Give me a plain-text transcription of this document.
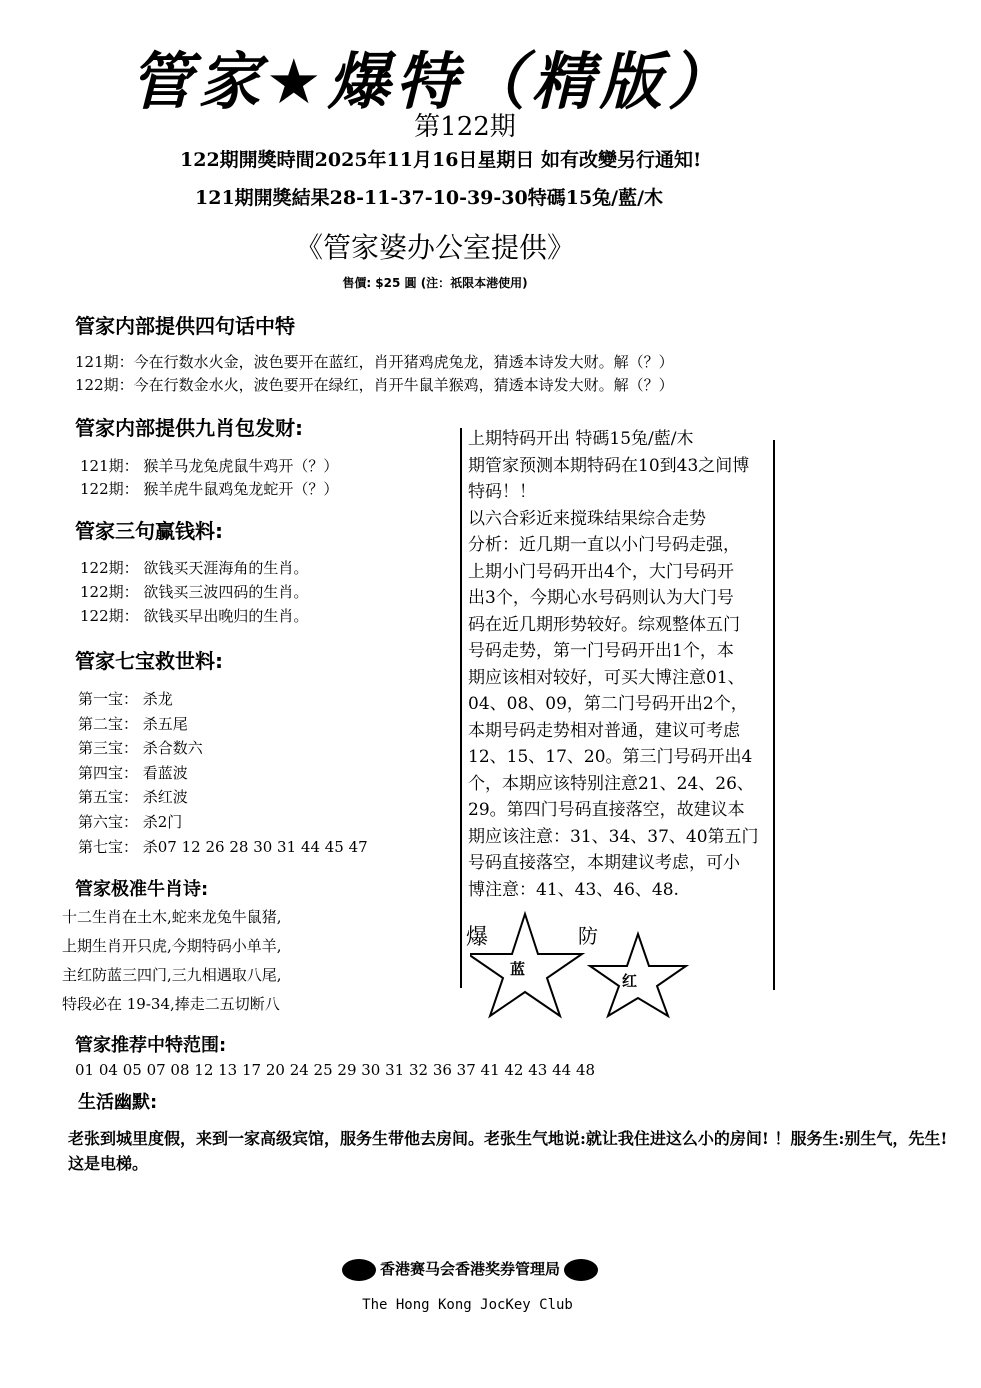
管家★爆特（精版）
第122期
122期開獎時間2025年11月16日星期日 如有改變另行通知!
121期開獎結果28-11-37-10-39-30特碼15兔/藍/木
《管家婆办公室提供》
售價: $25 圓 (注：祇限本港使用)
管家内部提供四句话中特
121期：今在行数水火金，波色要开在蓝红，肖开猪鸡虎兔龙，猜透本诗发大财。解（？）
122期：今在行数金水火，波色要开在绿红，肖开牛鼠羊猴鸡，猜透本诗发大财。解（？）
管家内部提供九肖包发财:
121期： 猴羊马龙兔虎鼠牛鸡开（？）
122期： 猴羊虎牛鼠鸡兔龙蛇开（？）
管家三句赢钱料:
122期： 欲钱买天涯海角的生肖。
122期： 欲钱买三波四码的生肖。
122期： 欲钱买早出晚归的生肖。
管家七宝救世料:
第一宝： 杀龙
第二宝： 杀五尾
第三宝： 杀合数六
第四宝： 看蓝波
第五宝： 杀红波
第六宝： 杀2门
第七宝： 杀07 12 26 28 30 31 44 45 47
管家极准牛肖诗:
十二生肖在土木,蛇来龙兔牛鼠猪,
上期生肖开只虎,今期特码小单羊,
主红防蓝三四门,三九相遇取八尾,
特段必在 19-34,捧走二五切断八
管家推荐中特范围:
01 04 05 07 08 12 13 17 20 24 25 29 30 31 32 36 37 41 42 43 44 48
生活幽默:
老张到城里度假，来到一家高级宾馆，服务生带他去房间。老张生气地说:就让我住进这么小的房间! ！服务生:别生气，先生! 这是电梯。
上期特码开出 特碼15兔/藍/木
期管家预测本期特码在10到43之间博
特码！！
以六合彩近来搅珠结果综合走势
分析：近几期一直以小门号码走强，
上期小门号码开出4个，大门号码开
出3个，今期心水号码则认为大门号
码在近几期形势较好。综观整体五门
号码走势，第一门号码开出1个，本
期应该相对较好，可买大博注意01、
04、08、09，第二门号码开出2个，
本期号码走势相对普通，建议可考虑
12、15、17、20。第三门号码开出4
个，本期应该特别注意21、24、26、
29。第四门号码直接落空，故建议本
期应该注意：31、34、37、40第五门
号码直接落空，本期建议考虑，可小
博注意：41、43、46、48.
爆	防
蓝
红
香港赛马会香港奖券管理局
The Hong Kong JocKey Club
